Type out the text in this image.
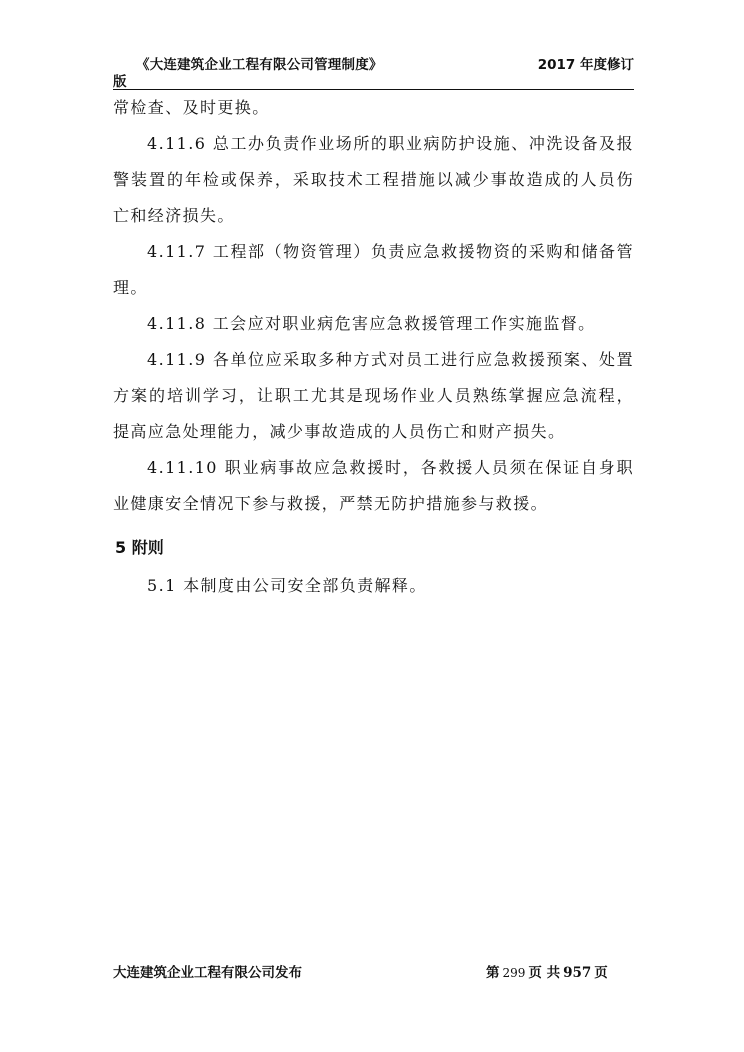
《大连建筑企业工程有限公司管理制度》	2017 年度修订
版

常检查、及时更换。

4.11.6 总工办负责作业场所的职业病防护设施、冲洗设备及报警装置的年检或保养，采取技术工程措施以减少事故造成的人员伤亡和经济损失。

4.11.7 工程部（物资管理）负责应急救援物资的采购和储备管理。

4.11.8 工会应对职业病危害应急救援管理工作实施监督。

4.11.9 各单位应采取多种方式对员工进行应急救援预案、处置方案的培训学习，让职工尤其是现场作业人员熟练掌握应急流程，提高应急处理能力，减少事故造成的人员伤亡和财产损失。

4.11.10 职业病事故应急救援时，各救援人员须在保证自身职业健康安全情况下参与救援，严禁无防护措施参与救援。

5 附则

5.1 本制度由公司安全部负责解释。

大连建筑企业工程有限公司发布	第 299 页 共 957 页
